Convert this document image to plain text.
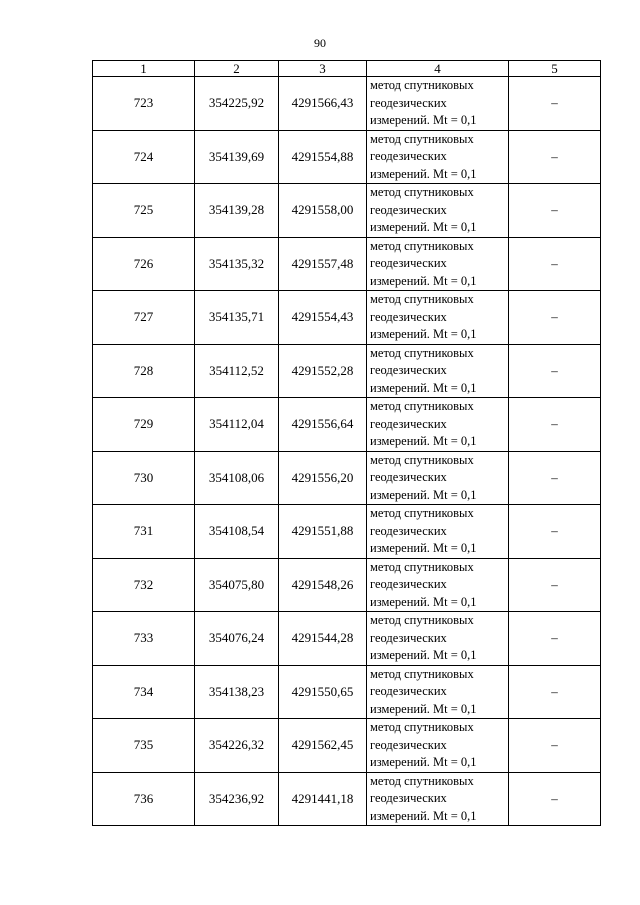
90
1	2	3	4	5
723	354225,92	4291566,43	метод спутниковых
геодезических
измерений. Mt = 0,1	–
724	354139,69	4291554,88	метод спутниковых
геодезических
измерений. Mt = 0,1	–
725	354139,28	4291558,00	метод спутниковых
геодезических
измерений. Mt = 0,1	–
726	354135,32	4291557,48	метод спутниковых
геодезических
измерений. Mt = 0,1	–
727	354135,71	4291554,43	метод спутниковых
геодезических
измерений. Mt = 0,1	–
728	354112,52	4291552,28	метод спутниковых
геодезических
измерений. Mt = 0,1	–
729	354112,04	4291556,64	метод спутниковых
геодезических
измерений. Mt = 0,1	–
730	354108,06	4291556,20	метод спутниковых
геодезических
измерений. Mt = 0,1	–
731	354108,54	4291551,88	метод спутниковых
геодезических
измерений. Mt = 0,1	–
732	354075,80	4291548,26	метод спутниковых
геодезических
измерений. Mt = 0,1	–
733	354076,24	4291544,28	метод спутниковых
геодезических
измерений. Mt = 0,1	–
734	354138,23	4291550,65	метод спутниковых
геодезических
измерений. Mt = 0,1	–
735	354226,32	4291562,45	метод спутниковых
геодезических
измерений. Mt = 0,1	–
736	354236,92	4291441,18	метод спутниковых
геодезических
измерений. Mt = 0,1	–
